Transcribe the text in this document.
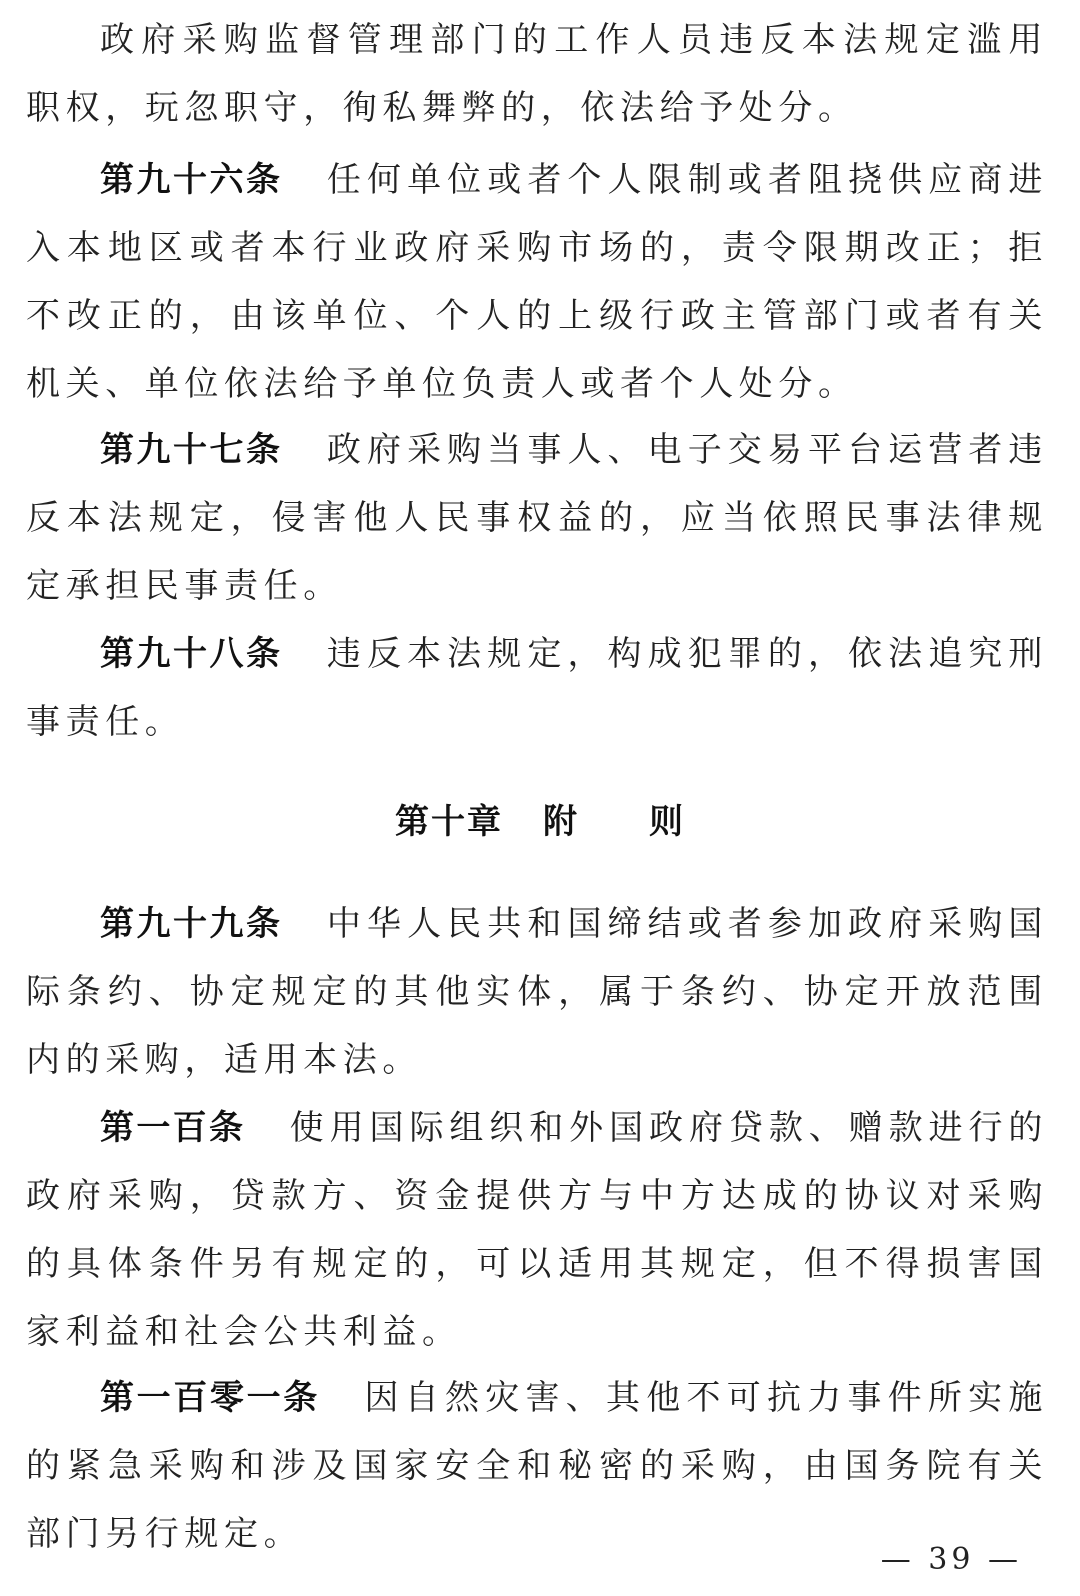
政府采购监督管理部门的工作人员违反本法规定滥用职权，玩忽职守，徇私舞弊的，依法给予处分。

第九十六条 任何单位或者个人限制或者阻挠供应商进入本地区或者本行业政府采购市场的，责令限期改正；拒不改正的，由该单位、个人的上级行政主管部门或者有关机关、单位依法给予单位负责人或者个人处分。

第九十七条 政府采购当事人、电子交易平台运营者违反本法规定，侵害他人民事权益的，应当依照民事法律规定承担民事责任。

第九十八条 违反本法规定，构成犯罪的，依法追究刑事责任。

第十章 附 则

第九十九条 中华人民共和国缔结或者参加政府采购国际条约、协定规定的其他实体，属于条约、协定开放范围内的采购，适用本法。

第一百条 使用国际组织和外国政府贷款、赠款进行的政府采购，贷款方、资金提供方与中方达成的协议对采购的具体条件另有规定的，可以适用其规定，但不得损害国家利益和社会公共利益。

第一百零一条 因自然灾害、其他不可抗力事件所实施的紧急采购和涉及国家安全和秘密的采购，由国务院有关部门另行规定。

— 39 —
